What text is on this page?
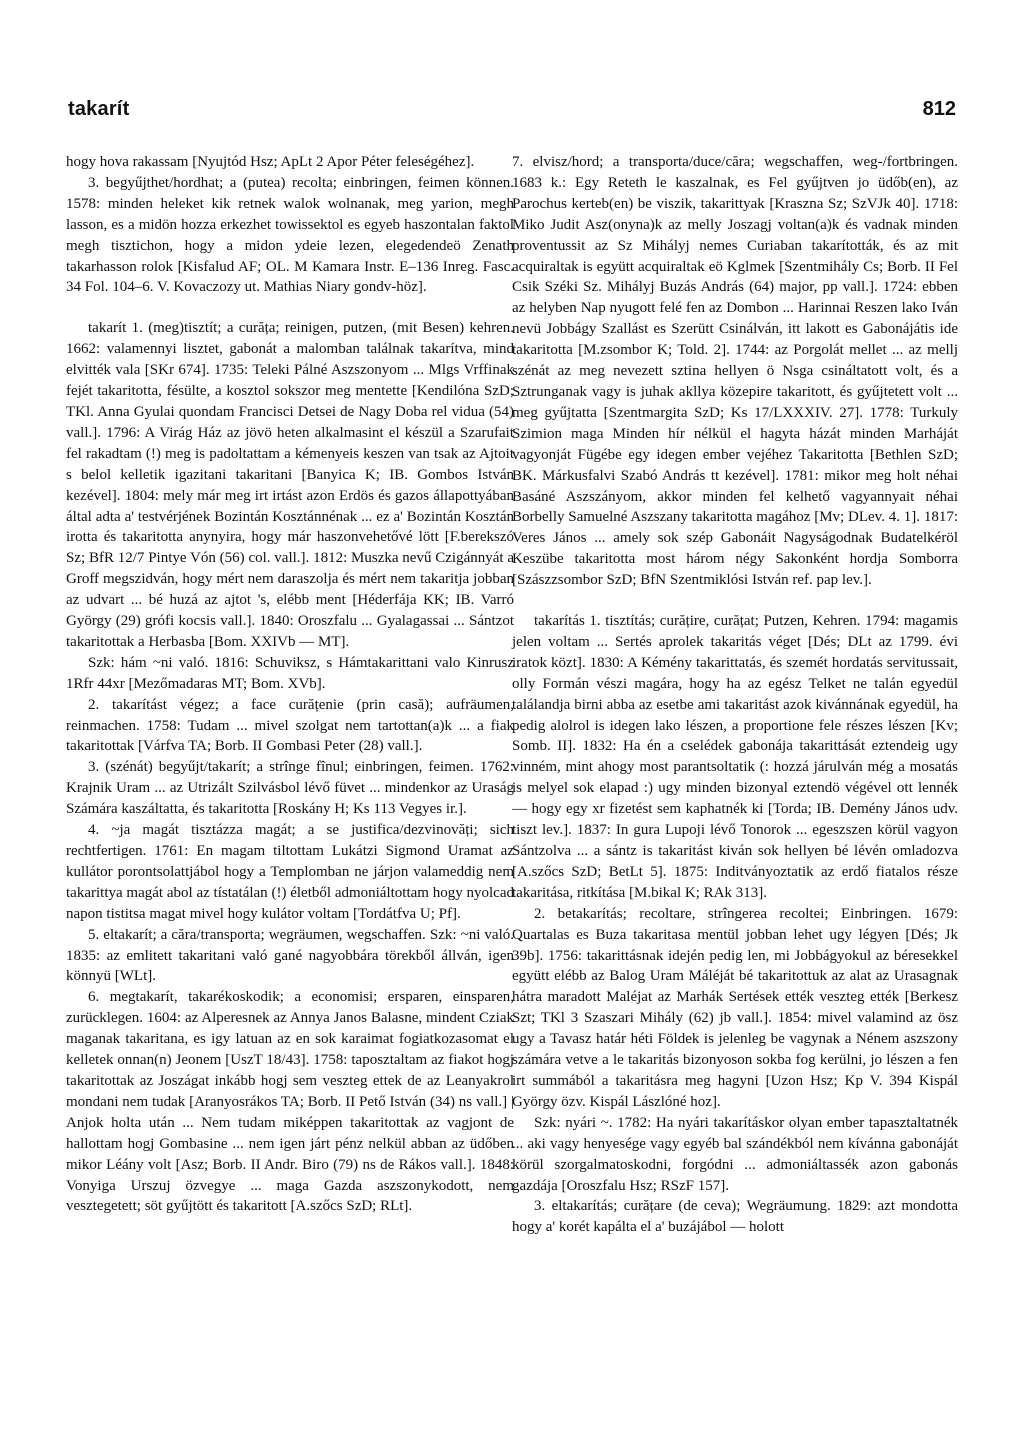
takarít	812

hogy hova rakassam [Nyujtód Hsz; ApLt 2 Apor Péter feleségéhez].

3. begyűjthet/hordhat; a (putea) recolta; einbringen, feimen können. 1578: minden heleket kik retnek walok wolnanak, meg yarion, megh lasson, es a midön hozza erkezhet towissektol es egyeb haszontalan faktol megh tisztichon, hogy a midon ydeie lezen, elegedendeö Zenath takarhasson rolok [Kisfalud AF; OL. M Kamara Instr. E–136 Inreg. Fasc. 34 Fol. 104–6. V. Kovaczozy ut. Mathias Niary gondv-höz].

takarít 1. (meg)tisztít; a curăța; reinigen, putzen, (mit Besen) kehren. 1662: valamennyi lisztet, gabonát a malomban találnak takarítva, mind elvitték vala [SKr 674]. 1735: Teleki Pálné Aszszonyom ... Mlgs Vrffinak fejét takaritotta, fésülte, a kosztol sokszor meg mentette [Kendilóna SzD; TKl. Anna Gyulai quondam Francisci Detsei de Nagy Doba rel vidua (54) vall.]. 1796: A Virág Ház az jövö heten alkalmasint el készül a Szarufait fel rakadtam (!) meg is padoltattam a kémenyeis keszen van tsak az Ajtoit s belol kelletik igazitani takaritani [Banyica K; IB. Gombos István kezével]. 1804: mely már meg irt irtást azon Erdös és gazos állapottyában által adta a' testvérjének Bozintán Kosztánnénak ... ez a' Bozintán Kosztán irotta és takaritotta anynyira, hogy már haszonvehetővé lött [F.berekszó Sz; BfR 12/7 Pintye Vón (56) col. vall.]. 1812: Muszka nevű Czigánnyát a Groff megszidván, hogy mért nem daraszolja és mért nem takaritja jobban az udvart ... bé huzá az ajtot 's, elébb ment [Héderfája KK; IB. Varró György (29) grófi kocsis vall.]. 1840: Oroszfalu ... Gyalagassai ... Sántzot takaritottak a Herbasba [Bom. XXIVb — MT].

Szk: hám ~ni való. 1816: Schuviksz, s Hámtakarittani valo Kinrusz 1Rfr 44xr [Mezőmadaras MT; Bom. XVb].

2. takarítást végez; a face curățenie (prin casă); aufräumen, reinmachen. 1758: Tudam ... mivel szolgat nem tartottan(a)k ... a fiak takaritottak [Várfva TA; Borb. II Gombasi Peter (28) vall.].

3. (szénát) begyűjt/takarít; a strînge fînul; einbringen, feimen. 1762: Krajnik Uram ... az Utrizált Szilvásbol lévő füvet ... mindenkor az Uraság Számára kaszáltatta, és takaritotta [Roskány H; Ks 113 Vegyes ir.].

4. ~ja magát tisztázza magát; a se justifica/dezvinovăți; sich rechtfertigen. 1761: En magam tiltottam Lukátzi Sigmond Uramat az kullátor porontsolattjábol hogy a Templomban ne járjon valameddig nem takarittya magát abol az tístatálan (!) életből admoniáltottam hogy nyolcad napon tistitsa magat mivel hogy kulátor voltam [Tordátfva U; Pf].

5. eltakarít; a căra/transporta; wegräumen, wegschaffen. Szk: ~ni való. 1835: az emlitett takaritani való gané nagyobbára törekből állván, igen könnyü [WLt].

6. megtakarít, takarékoskodik; a economisi; ersparen, einsparen, zurücklegen. 1604: az Alperesnek az Annya Janos Balasne, mindent Cziak maganak takaritana, es igy latuan az en sok karaimat fogiatkozasomat el kelletek onnan(n) Jeonem [UszT 18/43]. 1758: taposztaltam az fiakot hogj takaritottak az Joszágat inkább hogj sem veszteg ettek de az Leanyakrol mondani nem tudak [Aranyosrákos TA; Borb. II Pető István (34) ns vall.] | Anjok holta után ... Nem tudam miképpen takaritottak az vagjont de hallottam hogj Gombasine ... nem igen járt pénz nelkül abban az üdőben mikor Léány volt [Asz; Borb. II Andr. Biro (79) ns de Rákos vall.]. 1848: Vonyiga Urszuj özvegye ... maga Gazda aszszonykodott, nem vesztegetett; söt gyűjtött és takaritott [A.szőcs SzD; RLt].

7. elvisz/hord; a transporta/duce/căra; wegschaffen, weg-/fortbringen. 1683 k.: Egy Reteth le kaszalnak, es Fel gyűjtven jo üdőb(en), az Parochus kerteb(en) be viszik, takarittyak [Kraszna Sz; SzVJk 40]. 1718: Miko Judit Asz(onyna)k az melly Joszagj voltan(a)k és vadnak minden proventussit az Sz Mihályj nemes Curiaban takarították, és az mit acquiraltak is együtt acquiraltak eö Kglmek [Szentmihály Cs; Borb. II Fel Csik Széki Sz. Mihályj Buzás András (64) major, pp vall.]. 1724: ebben az helyben Nap nyugott felé fen az Dombon ... Harinnai Reszen lako Iván nevü Jobbágy Szallást es Szerütt Csinálván, itt lakott es Gabonájátis ide takaritotta [M.zsombor K; Told. 2]. 1744: az Porgolát mellet ... az mellj szénát az meg nevezett sztina hellyen ö Nsga csináltatott volt, és a Sztrunganak vagy is juhak akllya közepire takaritott, és gyűjtetett volt ... meg gyűjtatta [Szentmargita SzD; Ks 17/LXXXIV. 27]. 1778: Turkuly Szimion maga Minden hír nélkül el hagyta házát minden Marháját vagyonját Fügébe egy idegen ember vejéhez Takaritotta [Bethlen SzD; BK. Márkusfalvi Szabó András tt kezével]. 1781: mikor meg holt néhai Basáné Aszszányom, akkor minden fel kelhető vagyannyait néhai Borbelly Samuelné Aszszany takaritotta magához [Mv; DLev. 4. 1]. 1817: Veres János ... amely sok szép Gabonáit Nagyságodnak Budatelkéröl Keszübe takaritotta most három négy Sakonként hordja Somborra [Szászzsombor SzD; BfN Szentmiklósi István ref. pap lev.].

takarítás 1. tisztítás; curățire, curățat; Putzen, Kehren. 1794: magamis jelen voltam ... Sertés aprolek takaritás véget [Dés; DLt az 1799. évi iratok közt]. 1830: A Kémény takarittatás, és szemét hordatás servitussait, olly Formán vészi magára, hogy ha az egész Telket ne talán egyedül találandja birni abba az esetbe ami takaritást azok kivánnának egyedül, ha pedig alolrol is idegen lako lészen, a proportione fele részes lészen [Kv; Somb. II]. 1832: Ha én a cselédek gabonája takarittását eztendeig ugy vinném, mint ahogy most parantsoltatik (: hozzá járulván még a mosatás is melyel sok elapad :) ugy minden bizonyal eztendö végével ott lennék — hogy egy xr fizetést sem kaphatnék ki [Torda; IB. Demény János udv. tiszt lev.]. 1837: In gura Lupoji lévő Tonorok ... egeszszen körül vagyon Sántzolva ... a sántz is takaritást kiván sok hellyen bé lévén omladozva [A.szőcs SzD; BetLt 5]. 1875: Inditványoztatik az erdő fiatalos része takaritása, ritkítása [M.bikal K; RAk 313].

2. betakarítás; recoltare, strîngerea recoltei; Einbringen. 1679: Quartalas es Buza takaritasa mentül jobban lehet ugy légyen [Dés; Jk 39b]. 1756: takarittásnak idején pedig len, mi Jobbágyokul az béresekkel együtt elébb az Balog Uram Máléját bé takaritottuk az alat az Urasagnak hátra maradott Maléjat az Marhák Sertések ették veszteg ették [Berkesz Szt; TKl 3 Szaszari Mihály (62) jb vall.]. 1854: mivel valamind az ösz ugy a Tavasz határ héti Földek is jelenleg be vagynak a Nénem aszszony számára vetve a le takaritás bizonyoson sokba fog kerülni, jo lészen a fen irt summából a takaritásra meg hagyni [Uzon Hsz; Kp V. 394 Kispál György özv. Kispál Lászlóné hoz].

Szk: nyári ~. 1782: Ha nyári takarításkor olyan ember tapasztaltatnék ... aki vagy henyesége vagy egyéb bal szándékból nem kívánna gabonáját körül szorgalmatoskodni, forgódni ... admoniáltassék azon gabonás gazdája [Oroszfalu Hsz; RSzF 157].

3. eltakarítás; curățare (de ceva); Wegräumung. 1829: azt mondotta hogy a' korét kapálta el a' buzájábol — holott
